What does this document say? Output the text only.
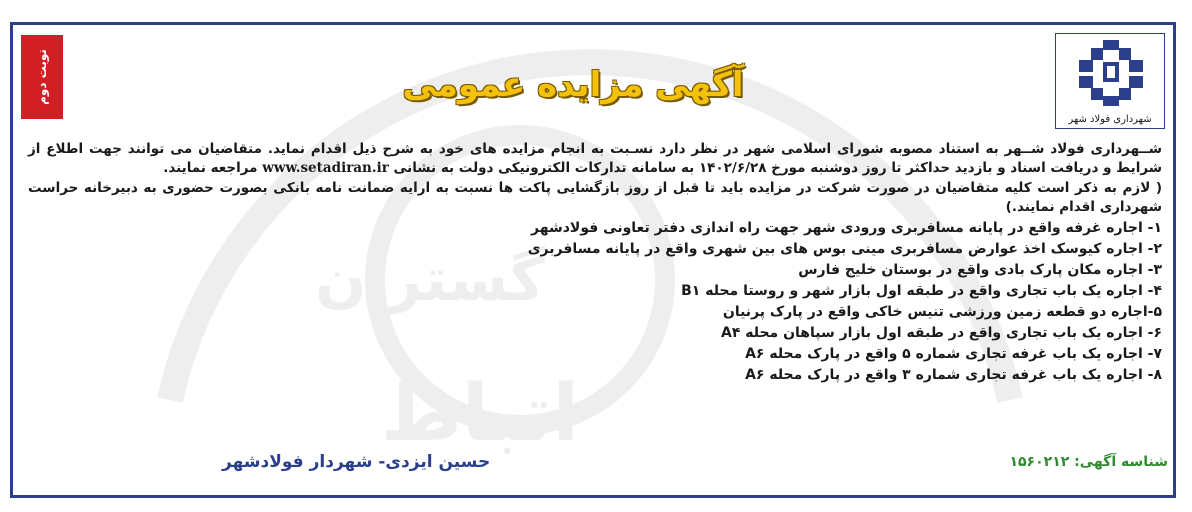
گستران
اتباط
نوبت دوم	آگهی مزایده عمومی
شهرداری فولاد شهر

شــهرداری فولاد شــهر به استناد مصوبه شورای اسلامی شهر در نظر دارد نسـبت به انجام مزایده های خود به شرح ذیل اقدام نماید. متقاضیان می توانند جهت اطلاع از شرایط و دریافت اسناد و بازدید حداکثر تا روز دوشنبه مورخ ۱۴۰۲/۶/۲۸ به سامانه تدارکات الکترونیکی دولت به نشانی www.setadiran.ir مراجعه نمایند.

( لازم به ذکر است کلیه متقاضیان در صورت شرکت در مزایده باید تا قبل از روز بازگشایی پاکت ها نسبت به ارایه ضمانت نامه بانکی بصورت حضوری به دبیرخانه حراست شهرداری اقدام نمایند.)

۱- اجاره غرفه واقع در پایانه مسافربری ورودی شهر جهت راه اندازی دفتر تعاونی فولادشهر
۲- اجاره کیوسک اخذ عوارض مسافربری مینی بوس های بین شهری واقع در پایانه مسافربری
۳- اجاره مکان پارک بادی واقع در بوستان خلیج فارس
۴- اجاره یک باب تجاری واقع در طبقه اول بازار شهر و روستا محله B۱
۵-اجاره دو قطعه زمین ورزشی تنیس خاکی واقع در پارک پرنیان
۶- اجاره یک باب تجاری واقع در طبقه اول بازار سپاهان محله A۴
۷- اجاره یک باب غرفه تجاری شماره ۵ واقع در پارک محله A۶
۸- اجاره یک باب غرفه تجاری شماره ۳ واقع در پارک محله A۶
شناسه آگهی: ۱۵۶۰۲۱۲
حسین ایزدی- شهردار فولادشهر
